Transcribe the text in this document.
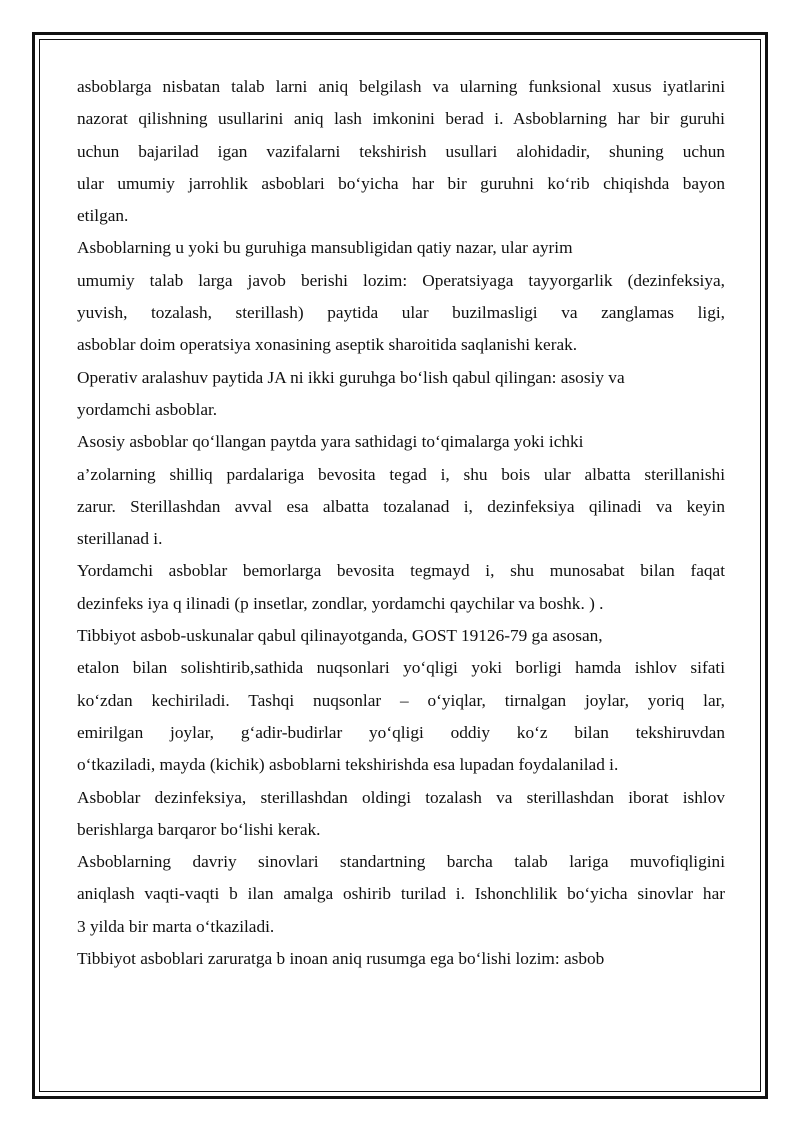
asboblarga nisbatan talab larni aniq belgilash va ularning funksional xusus iyatlarini
nazorat qilishning usullarini aniq lash imkonini berad i. Asboblarning har bir guruhi
uchun bajarilad igan vazifalarni tekshirish usullari alohidadir, shuning uchun
ular umumiy jarrohlik asboblari bo‘yicha har bir guruhni ko‘rib chiqishda bayon
etilgan.
Asboblarning u yoki bu guruhiga mansubligidan qatiy nazar, ular ayrim
umumiy talab larga javob berishi lozim: Operatsiyaga tayyorgarlik (dezinfeksiya,
yuvish, tozalash, sterillash) paytida ular buzilmasligi va zanglamas ligi,
asboblar doim operatsiya xonasining aseptik sharoitida saqlanishi kerak.
Operativ aralashuv paytida JA ni ikki guruhga bo‘lish qabul qilingan: asosiy va
yordamchi asboblar.
Asosiy asboblar qo‘llangan paytda yara sathidagi to‘qimalarga yoki ichki
a’zolarning shilliq pardalariga bevosita tegad i, shu bois ular albatta sterillanishi
zarur. Sterillashdan avval esa albatta tozalanad i, dezinfeksiya qilinadi va keyin
sterillanad i.
Yordamchi asboblar bemorlarga bevosita tegmayd i, shu munosabat bilan faqat
dezinfeks iya q ilinadi (p insetlar, zondlar, yordamchi qaychilar va boshk. ) .
Tibbiyot asbob-uskunalar qabul qilinayotganda, GOST 19126-79 ga asosan,
etalon bilan solishtirib,sathida nuqsonlari yo‘qligi yoki borligi hamda ishlov sifati
ko‘zdan kechiriladi. Tashqi nuqsonlar – o‘yiqlar, tirnalgan joylar, yoriq lar,
emirilgan joylar, g‘adir-budirlar yo‘qligi oddiy ko‘z bilan tekshiruvdan
o‘tkaziladi, mayda (kichik) asboblarni tekshirishda esa lupadan foydalanilad i.
Asboblar dezinfeksiya, sterillashdan oldingi tozalash va sterillashdan iborat ishlov
berishlarga barqaror bo‘lishi kerak.
Asboblarning davriy sinovlari standartning barcha talab lariga muvofiqligini
aniqlash vaqti-vaqti b ilan amalga oshirib turilad i. Ishonchlilik bo‘yicha sinovlar har
3 yilda bir marta o‘tkaziladi.
Tibbiyot asboblari zaruratga b inoan aniq rusumga ega bo‘lishi lozim: asbob
